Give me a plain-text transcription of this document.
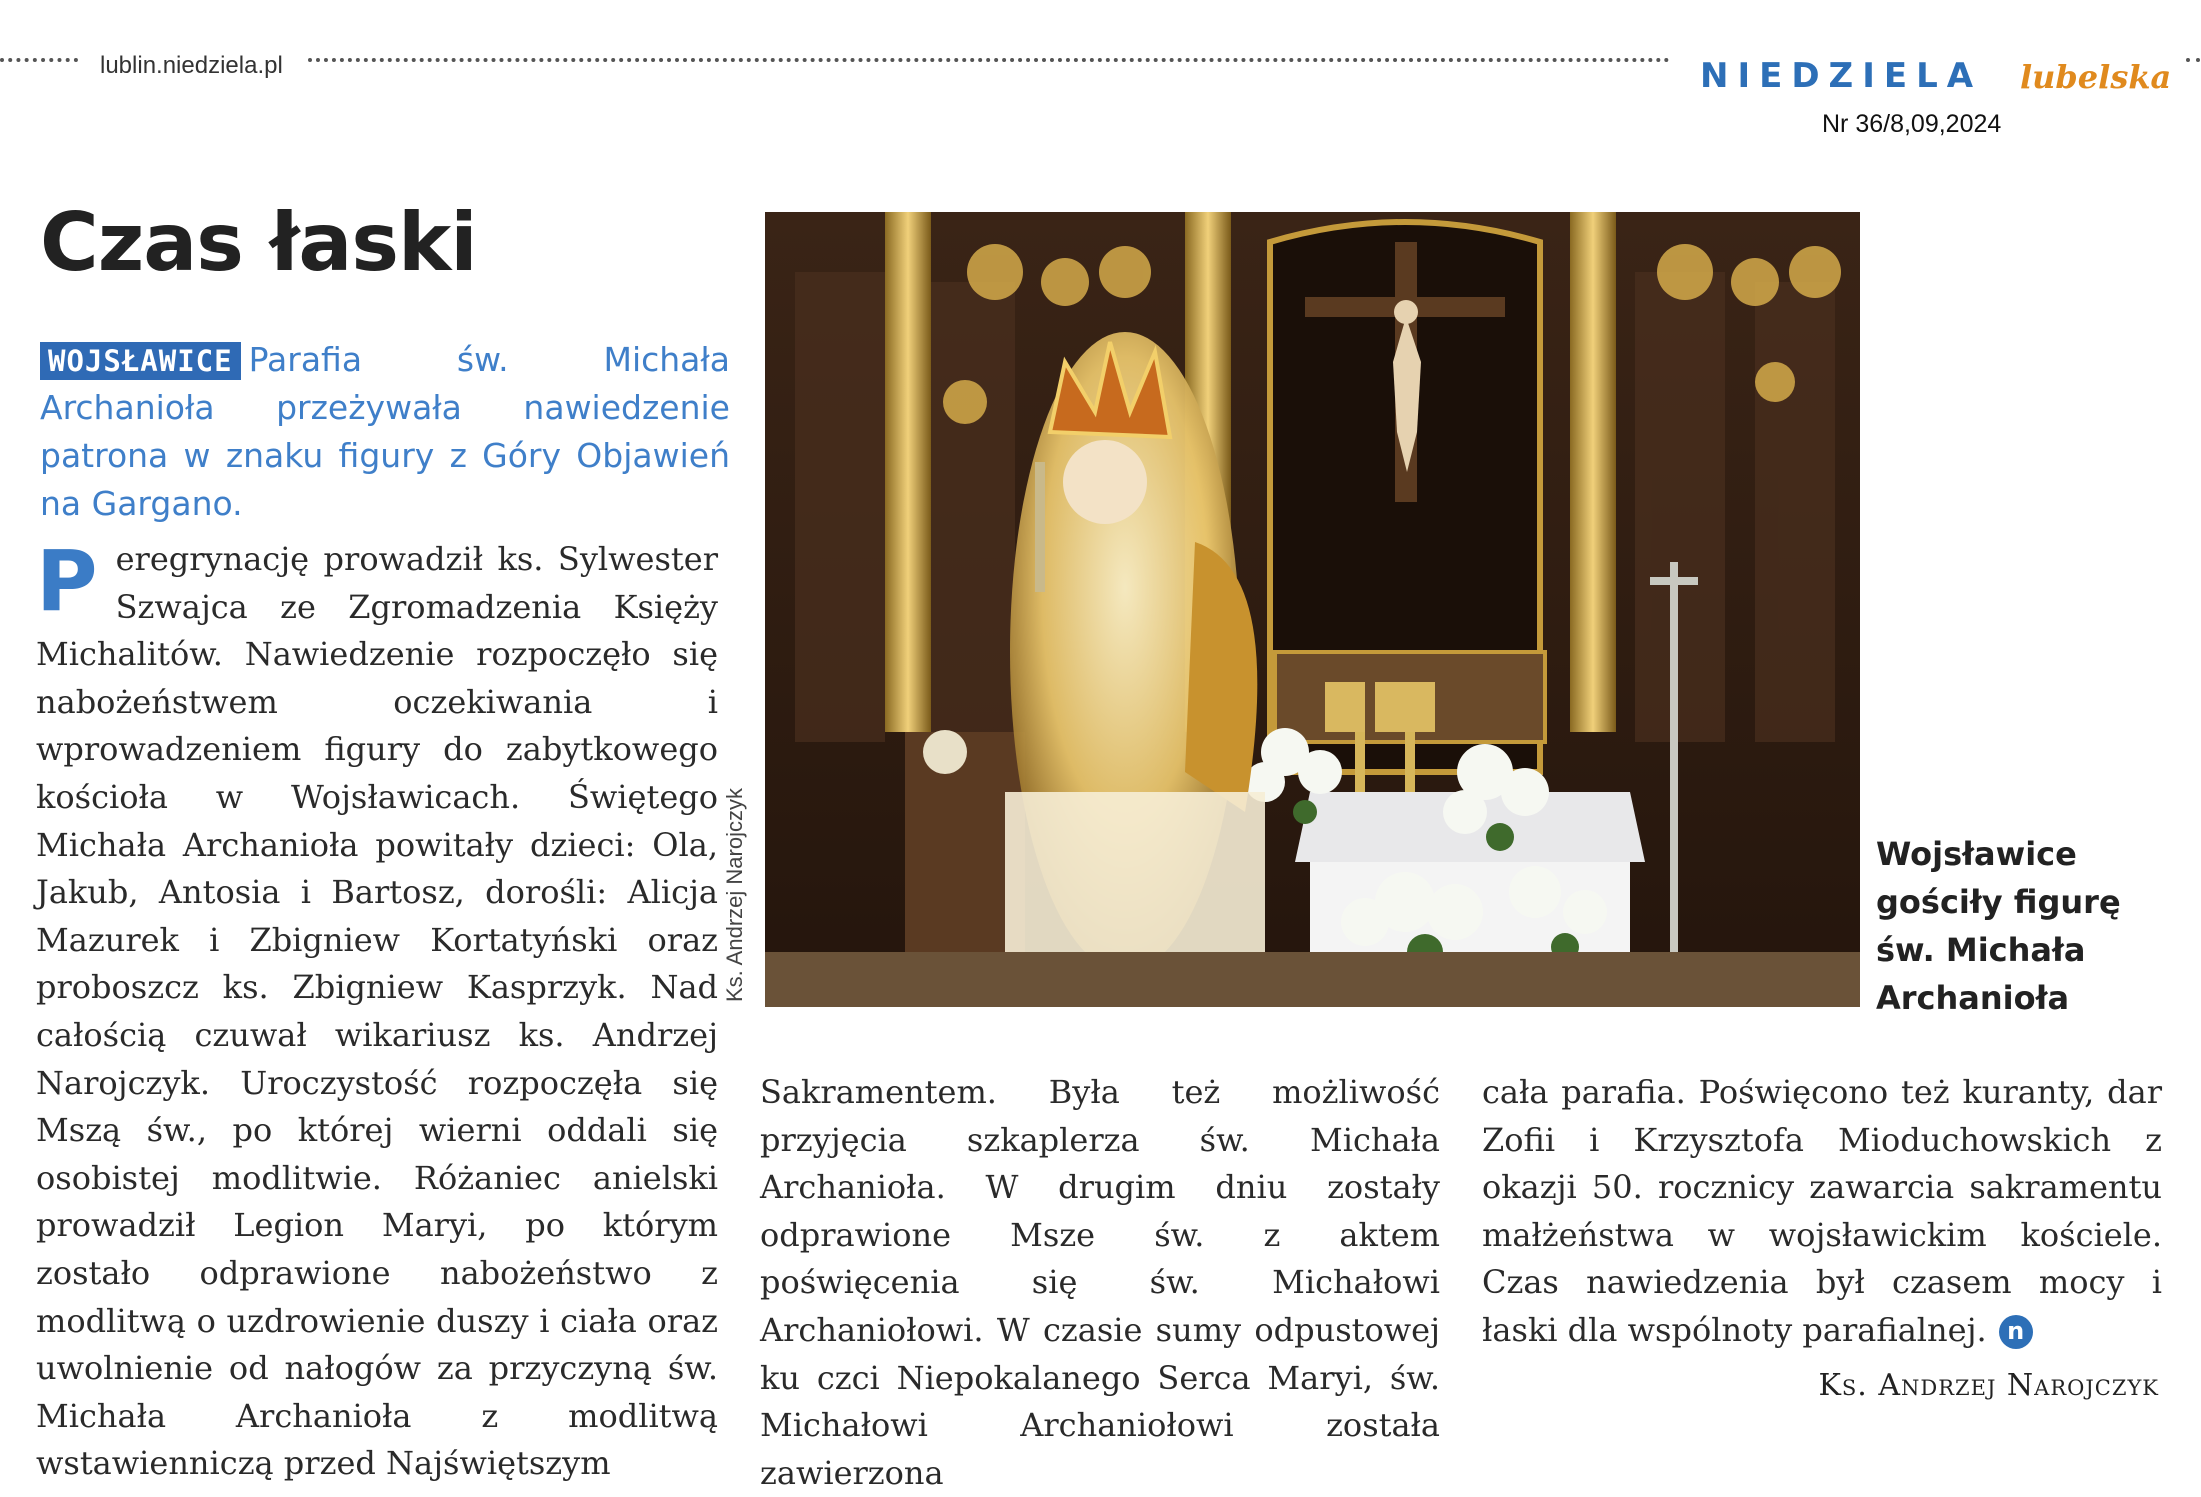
lublin.niedziela.pl	NIEDZIELA lubelska
Nr 36/8,09,2024
Czas łaski
WOJSŁAWICE Parafia św. Michała Archanioła przeżywała nawiedzenie patrona w znaku figury z Góry Objawień na Gargano.
P eregrynację prowadził ks. Sylwester Szwajca ze Zgromadzenia Księży Michalitów. Nawiedzenie rozpoczęło się nabożeństwem oczekiwania i wprowadzeniem figury do zabytkowego kościoła w Wojsławicach. Świętego Michała Archanioła powitały dzieci: Ola, Jakub, Antosia i Bartosz, dorośli: Alicja Mazurek i Zbigniew Kortatyński oraz proboszcz ks. Zbigniew Kasprzyk. Nad całością czuwał wikariusz ks. Andrzej Narojczyk. Uroczystość rozpoczęła się Mszą św., po której wierni oddali się osobistej modlitwie. Różaniec anielski prowadził Legion Maryi, po którym zostało odprawione nabożeństwo z modlitwą o uzdrowienie duszy i ciała oraz uwolnienie od nałogów za przyczyną św. Michała Archanioła z modlitwą wstawienniczą przed Najświętszym

Ks. Andrzej Narojczyk	Wojsławice
gościły figurę
św. Michała
Archanioła

Sakramentem. Była też możliwość przyjęcia szkaplerza św. Michała Archanioła. W drugim dniu zostały odprawione Msze św. z aktem poświęcenia się św. Michałowi Archaniołowi. W czasie sumy odpustowej ku czci Niepokalanego Serca Maryi, św. Michałowi Archaniołowi została zawierzona

cała parafia. Poświęcono też kuranty, dar Zofii i Krzysztofa Mioduchowskich z okazji 50. rocznicy zawarcia sakramentu małżeństwa w wojsławickim kościele. Czas nawiedzenia był czasem mocy i łaski dla wspólnoty parafialnej. n

Ks. Andrzej Narojczyk
